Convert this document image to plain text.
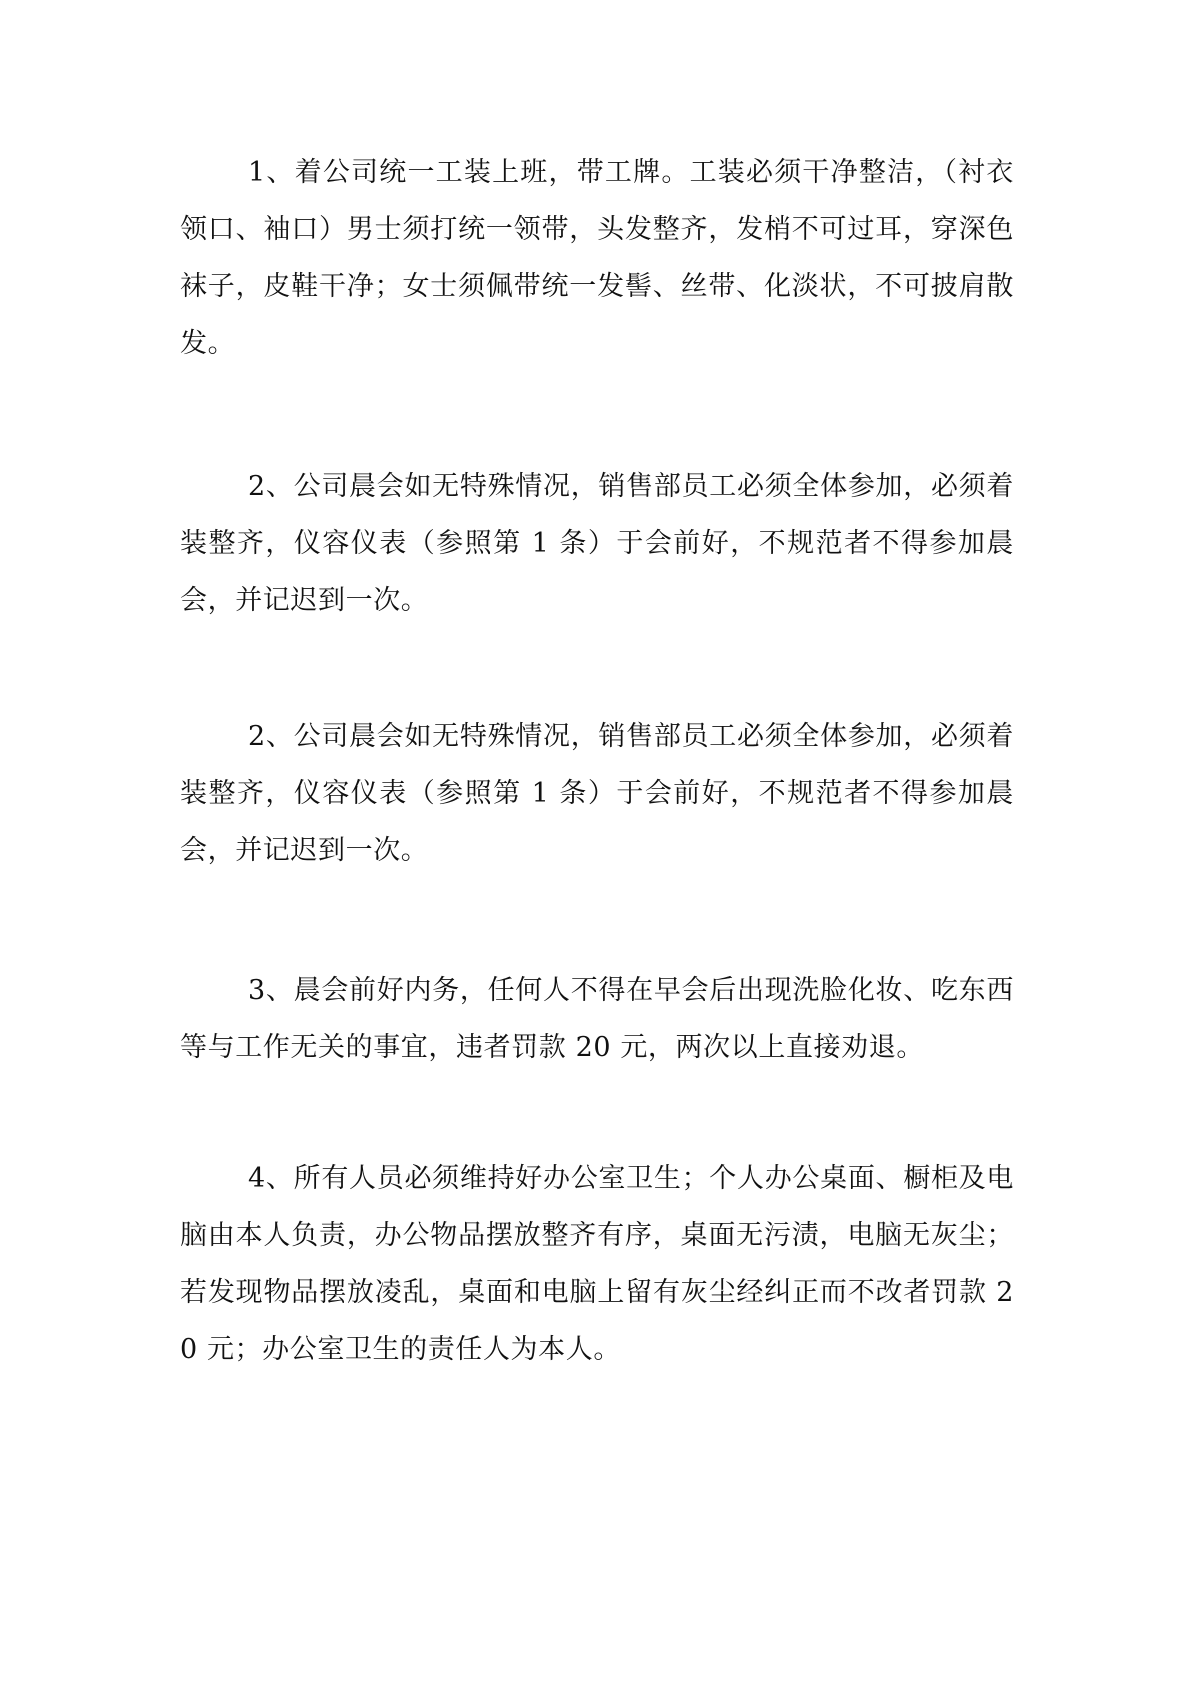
1、着公司统一工装上班，带工牌。工装必须干净整洁，（衬衣领口、袖口）男士须打统一领带，头发整齐，发梢不可过耳，穿深色袜子，皮鞋干净；女士须佩带统一发髻、丝带、化淡状，不可披肩散发。

2、公司晨会如无特殊情况，销售部员工必须全体参加，必须着装整齐，仪容仪表（参照第 1 条）于会前好，不规范者不得参加晨会，并记迟到一次。

2、公司晨会如无特殊情况，销售部员工必须全体参加，必须着装整齐，仪容仪表（参照第 1 条）于会前好，不规范者不得参加晨会，并记迟到一次。

3、晨会前好内务，任何人不得在早会后出现洗脸化妆、吃东西等与工作无关的事宜，违者罚款 20 元，两次以上直接劝退。

4、所有人员必须维持好办公室卫生；个人办公桌面、橱柜及电脑由本人负责，办公物品摆放整齐有序，桌面无污渍，电脑无灰尘；若发现物品摆放凌乱，桌面和电脑上留有灰尘经纠正而不改者罚款 20 元；办公室卫生的责任人为本人。
